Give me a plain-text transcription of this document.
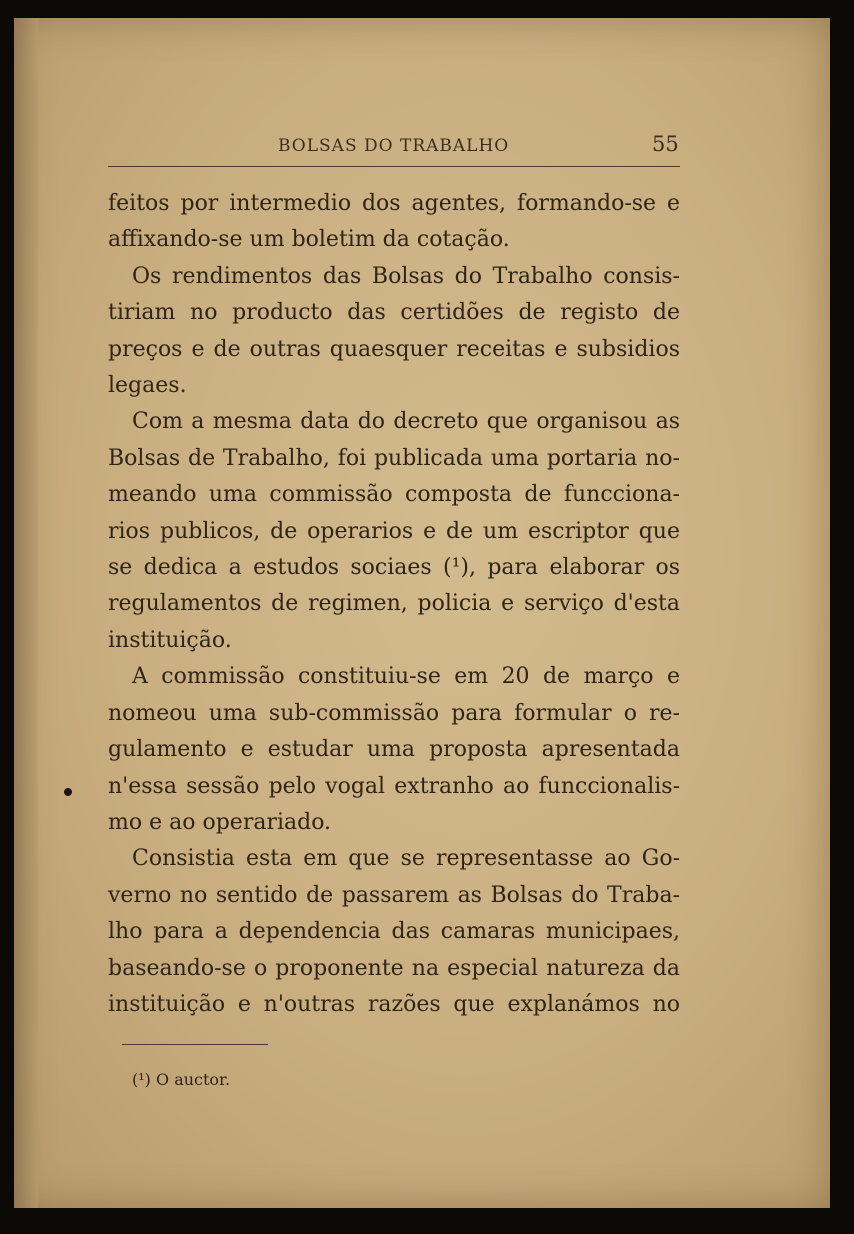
BOLSAS DO TRABALHO	55
feitos por intermedio dos agentes, formando-se e
affixando-se um boletim da cotação.
Os rendimentos das Bolsas do Trabalho consis-
tiriam no producto das certidões de registo de
preços e de outras quaesquer receitas e subsidios
legaes.
Com a mesma data do decreto que organisou as
Bolsas de Trabalho, foi publicada uma portaria no-
meando uma commissão composta de funcciona-
rios publicos, de operarios e de um escriptor que
se dedica a estudos sociaes (¹), para elaborar os
regulamentos de regimen, policia e serviço d'esta
instituição.
A commissão constituiu-se em 20 de março e
nomeou uma sub-commissão para formular o re-
gulamento e estudar uma proposta apresentada
n'essa sessão pelo vogal extranho ao funccionalis-
mo e ao operariado.
Consistia esta em que se representasse ao Go-
verno no sentido de passarem as Bolsas do Traba-
lho para a dependencia das camaras municipaes,
baseando-se o proponente na especial natureza da
instituição e n'outras razões que explanámos no
(¹) O auctor.
